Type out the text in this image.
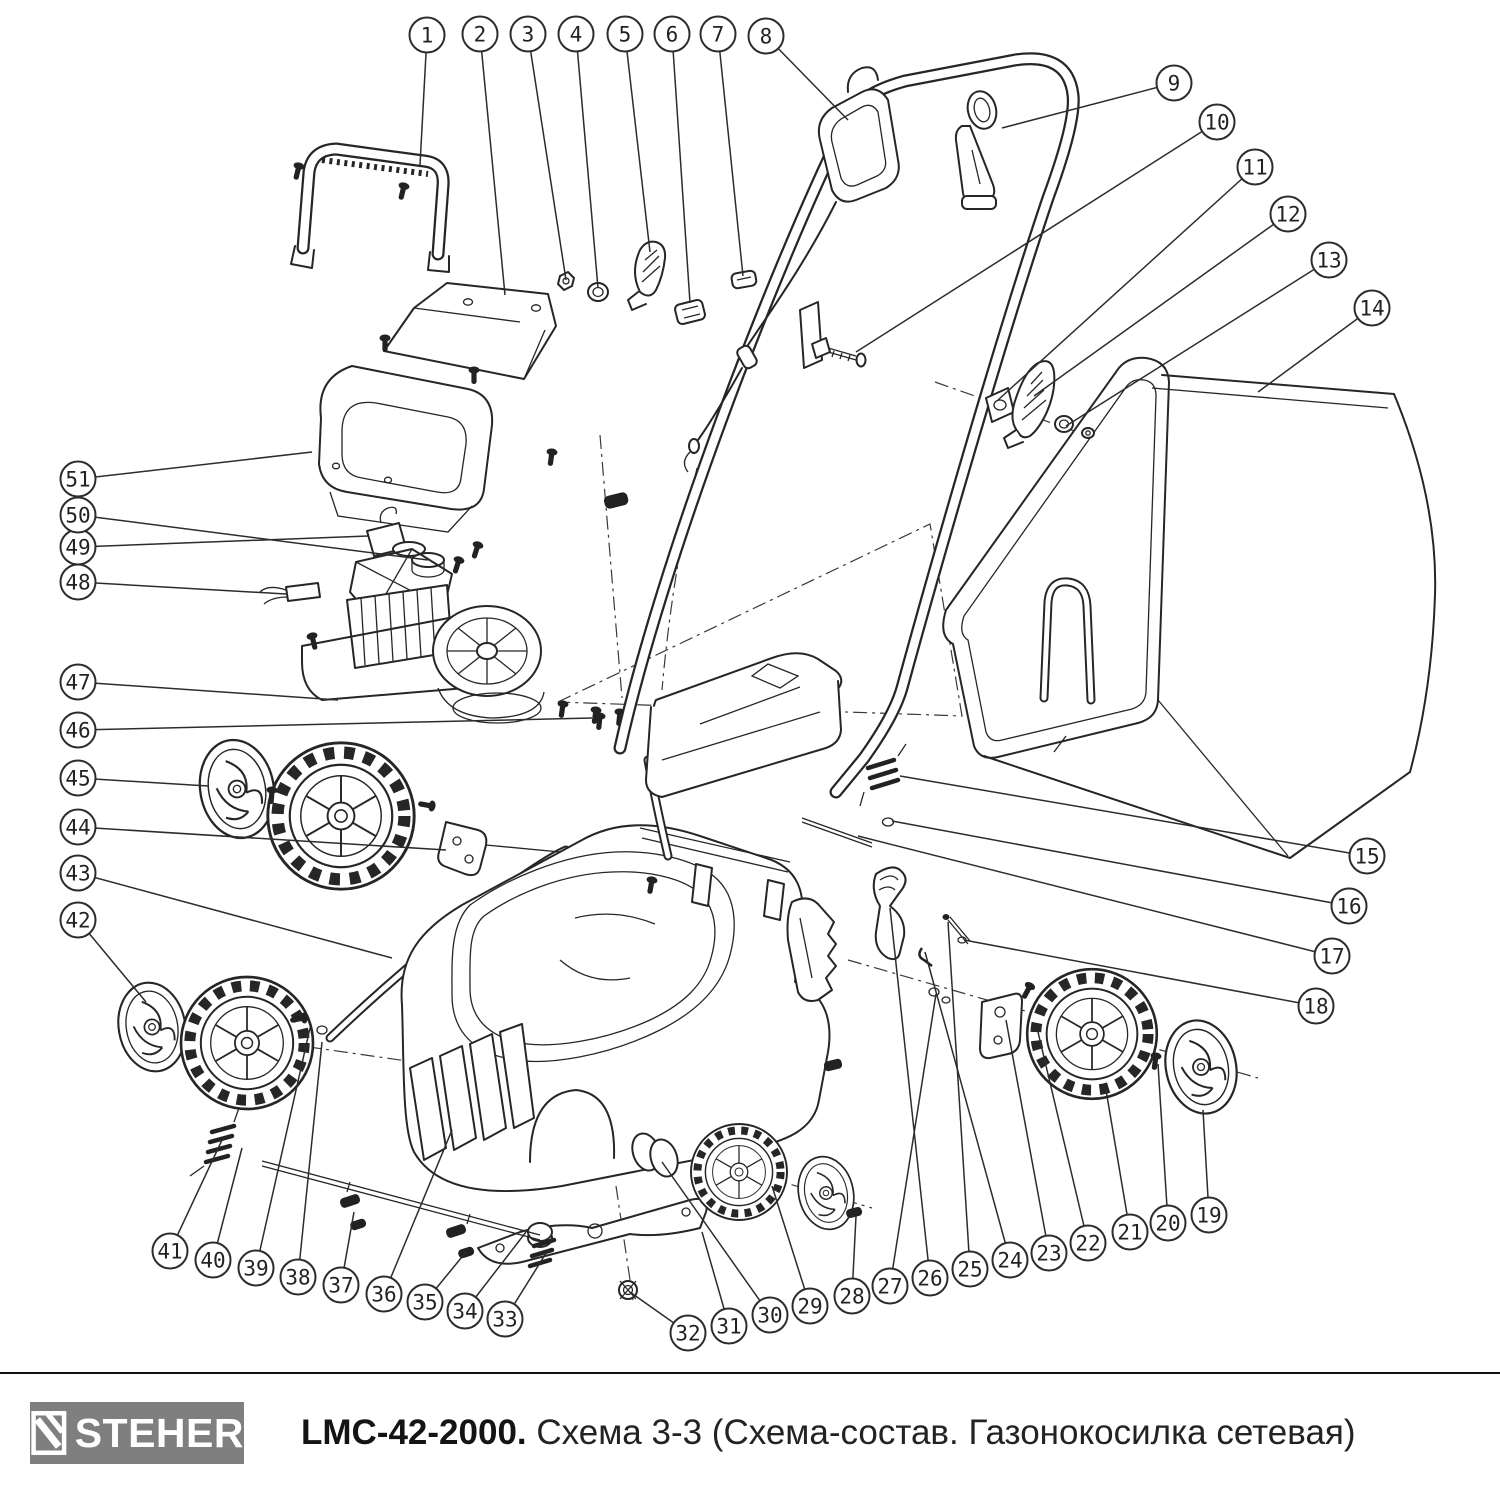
1 2 3 4 5 6 7 8
9
10
11
12
13
14
15
16
17
18
19
20
21
22
23
24
25
26
27
28
29
30
31
32
33
34
35
36
37
38
39
40
41
42
43
44
45
46
47
48
49
50
51
STEHER LMC-42-2000. Схема 3-3 (Схема-состав. Газонокосилка сетевая)
